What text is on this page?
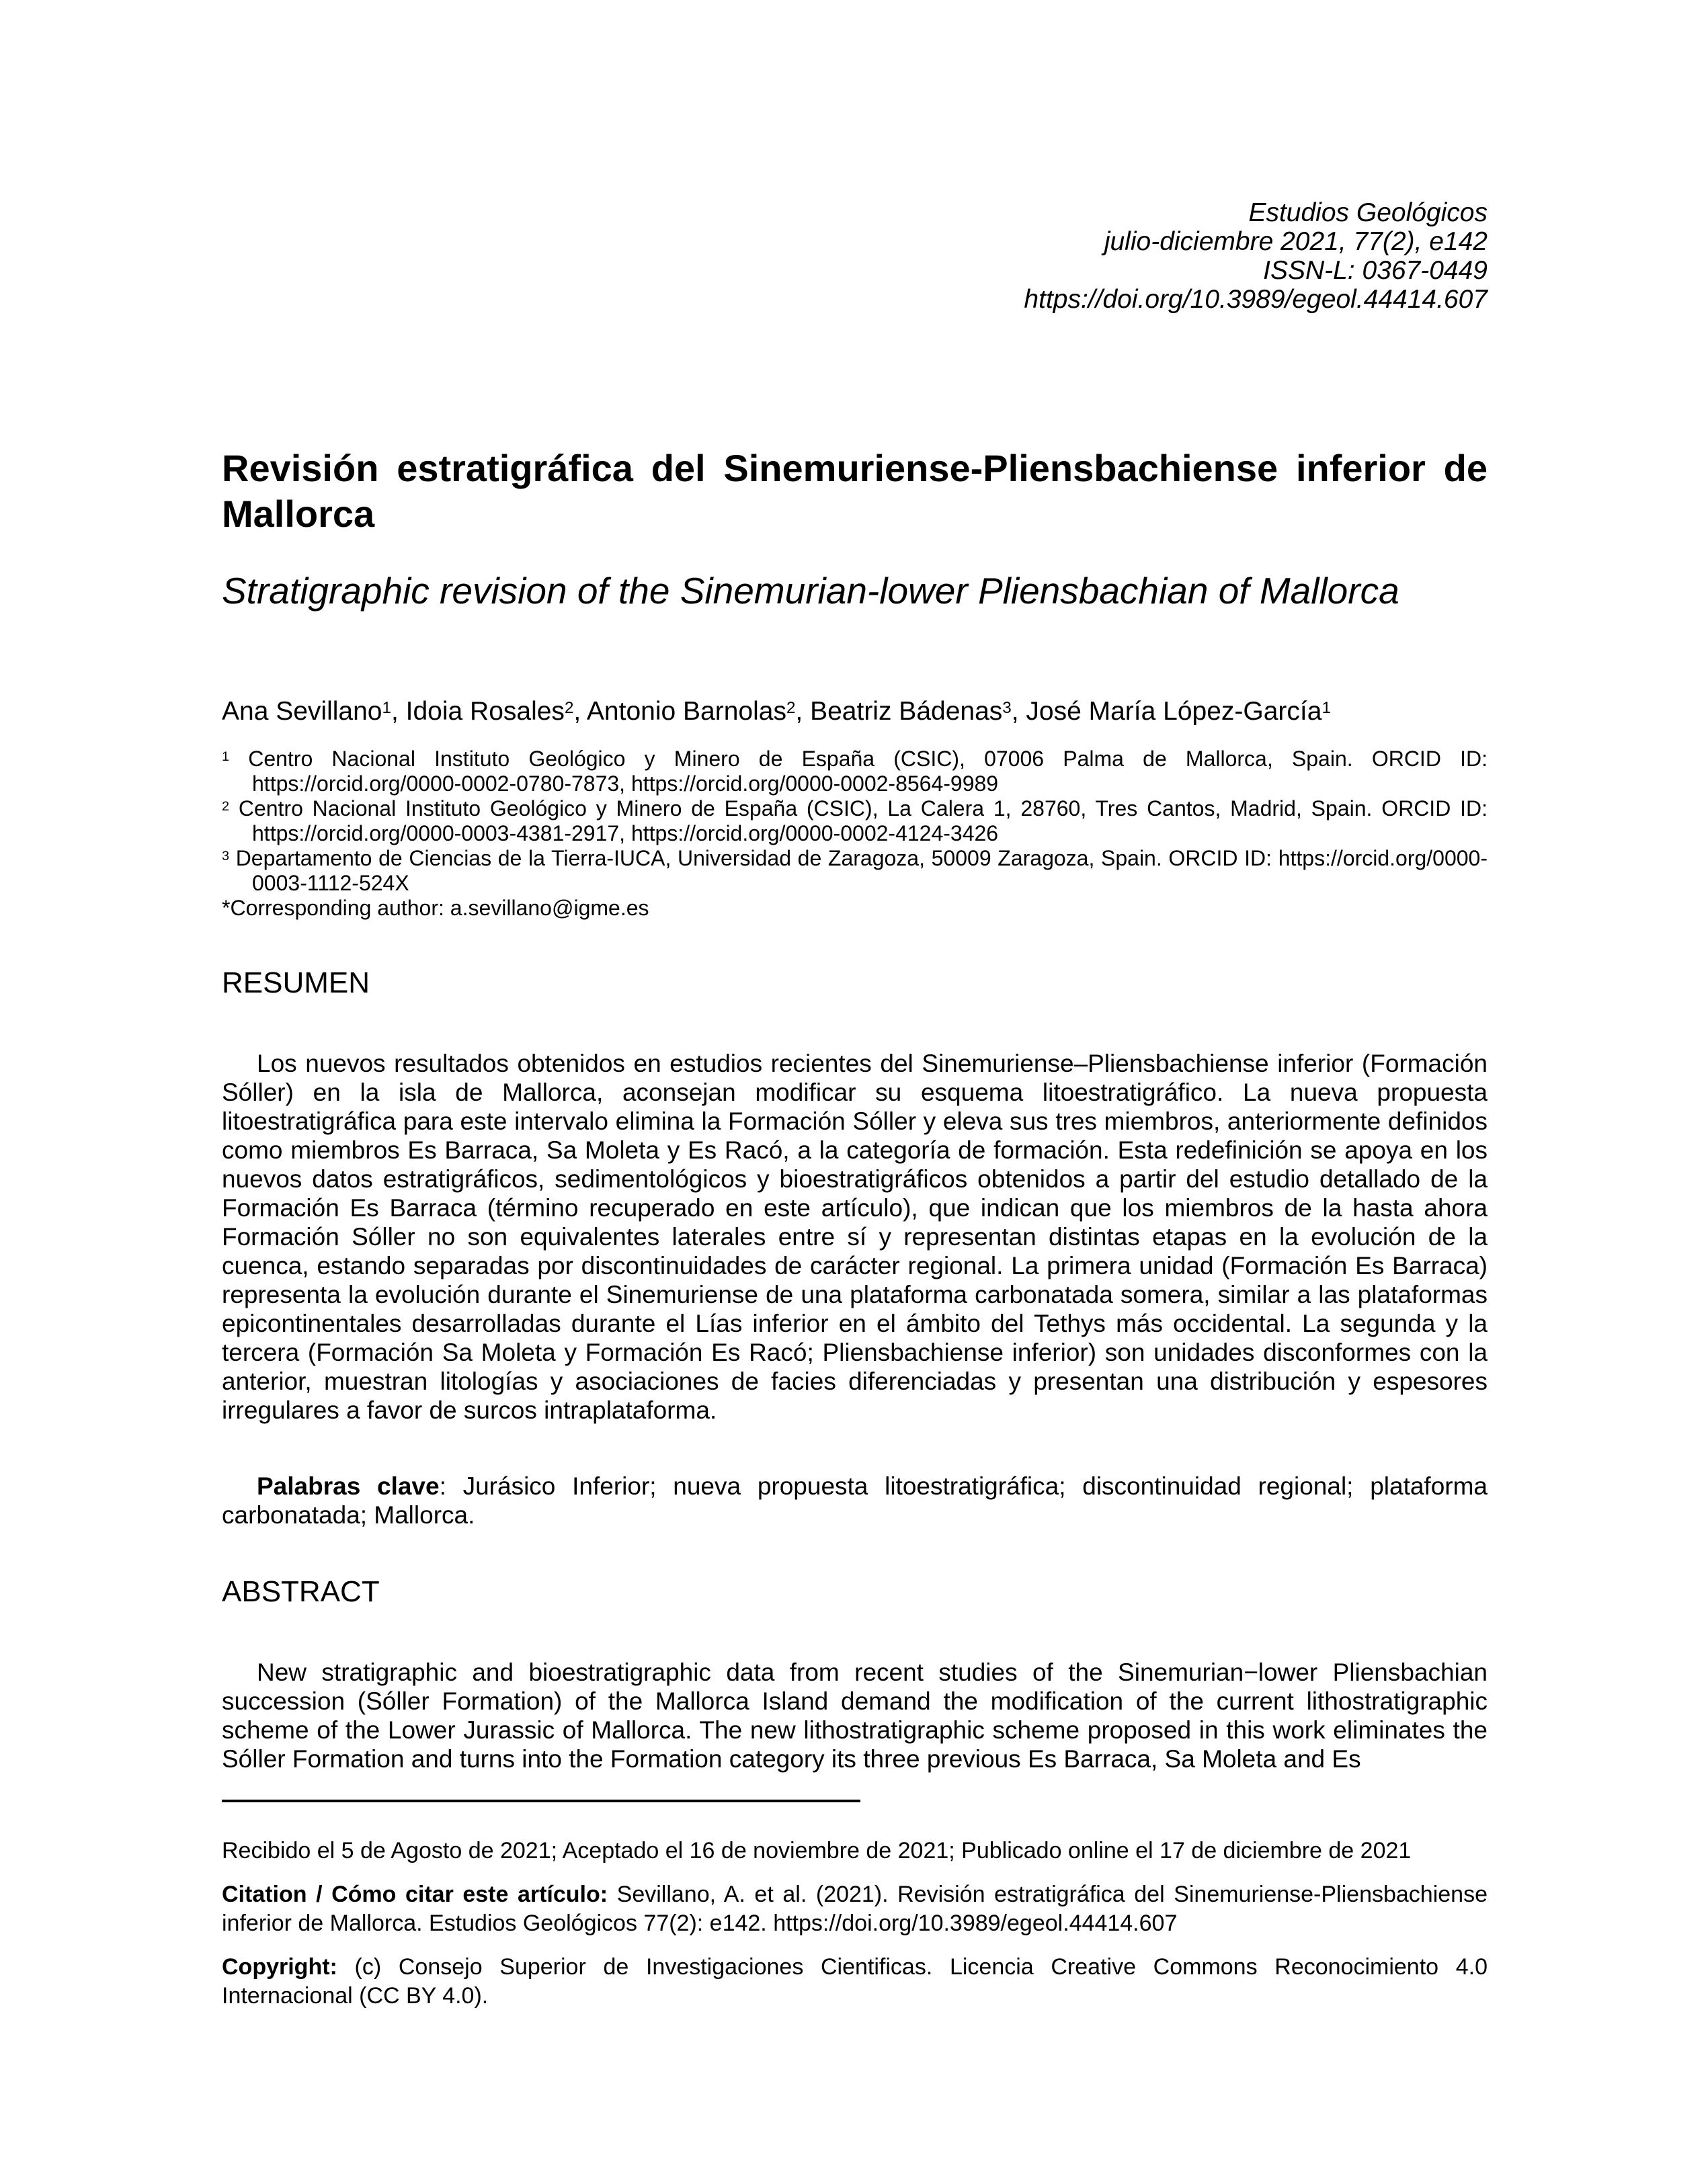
Estudios Geológicos
julio-diciembre 2021, 77(2), e142
ISSN-L: 0367-0449
https://doi.org/10.3989/egeol.44414.607
Revisión estratigráfica del Sinemuriense-Pliensbachiense inferior de Mallorca
Stratigraphic revision of the Sinemurian-lower Pliensbachian of Mallorca

Ana Sevillano$^1$, Idoia Rosales$^2$, Antonio Barnolas$^2$, Beatriz Bádenas$^3$, José María López-García$^1$

$^1$ Centro Nacional Instituto Geológico y Minero de España (CSIC), 07006 Palma de Mallorca, Spain. ORCID ID: https://orcid.org/0000-0002-0780-7873, https://orcid.org/0000-0002-8564-9989
$^2$ Centro Nacional Instituto Geológico y Minero de España (CSIC), La Calera 1, 28760, Tres Cantos, Madrid, Spain. ORCID ID: https://orcid.org/0000-0003-4381-2917, https://orcid.org/0000-0002-4124-3426
$^3$ Departamento de Ciencias de la Tierra-IUCA, Universidad de Zaragoza, 50009 Zaragoza, Spain. ORCID ID: https://orcid.org/0000-0003-1112-524X

*Corresponding author: a.sevillano@igme.es

RESUMEN

Los nuevos resultados obtenidos en estudios recientes del Sinemuriense–Pliensbachiense inferior (Formación Sóller) en la isla de Mallorca, aconsejan modificar su esquema litoestratigráfico. La nueva propuesta litoestratigráfica para este intervalo elimina la Formación Sóller y eleva sus tres miembros, anteriormente definidos como miembros Es Barraca, Sa Moleta y Es Racó, a la categoría de formación. Esta redefinición se apoya en los nuevos datos estratigráficos, sedimentológicos y bioestratigráficos obtenidos a partir del estudio detallado de la Formación Es Barraca (término recuperado en este artículo), que indican que los miembros de la hasta ahora Formación Sóller no son equivalentes laterales entre sí y representan distintas etapas en la evolución de la cuenca, estando separadas por discontinuidades de carácter regional. La primera unidad (Formación Es Barraca) representa la evolución durante el Sinemuriense de una plataforma carbonatada somera, similar a las plataformas epicontinentales desarrolladas durante el Lías inferior en el ámbito del Tethys más occidental. La segunda y la tercera (Formación Sa Moleta y Formación Es Racó; Pliensbachiense inferior) son unidades disconformes con la anterior, muestran litologías y asociaciones de facies diferenciadas y presentan una distribución y espesores irregulares a favor de surcos intraplataforma.

Palabras clave: Jurásico Inferior; nueva propuesta litoestratigráfica; discontinuidad regional; plataforma carbonatada; Mallorca.

ABSTRACT

New stratigraphic and bioestratigraphic data from recent studies of the Sinemurian−lower Pliensbachian succession (Sóller Formation) of the Mallorca Island demand the modification of the current lithostratigraphic scheme of the Lower Jurassic of Mallorca. The new lithostratigraphic scheme proposed in this work eliminates the Sóller Formation and turns into the Formation category its three previous Es Barraca, Sa Moleta and Es

Recibido el 5 de Agosto de 2021; Aceptado el 16 de noviembre de 2021; Publicado online el 17 de diciembre de 2021

Citation / Cómo citar este artículo: Sevillano, A. et al. (2021). Revisión estratigráfica del Sinemuriense-Pliensbachiense inferior de Mallorca. Estudios Geológicos 77(2): e142. https://doi.org/10.3989/egeol.44414.607

Copyright: (c) Consejo Superior de Investigaciones Cientificas. Licencia Creative Commons Reconocimiento 4.0 Internacional (CC BY 4.0).
